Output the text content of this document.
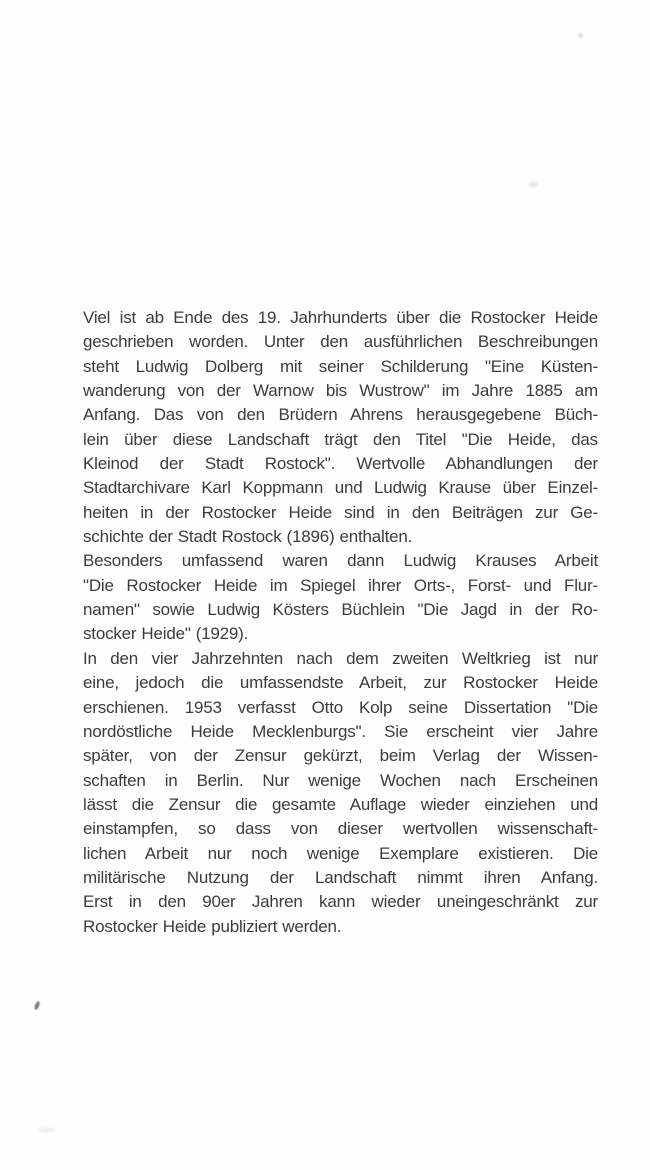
Viel ist ab Ende des 19. Jahrhunderts über die Rostocker Heide
geschrieben worden. Unter den ausführlichen Beschreibungen
steht Ludwig Dolberg mit seiner Schilderung "Eine Küsten-
wanderung von der Warnow bis Wustrow" im Jahre 1885 am
Anfang. Das von den Brüdern Ahrens herausgegebene Büch-
lein über diese Landschaft trägt den Titel "Die Heide, das
Kleinod der Stadt Rostock". Wertvolle Abhandlungen der
Stadtarchivare Karl Koppmann und Ludwig Krause über Einzel-
heiten in der Rostocker Heide sind in den Beiträgen zur Ge-
schichte der Stadt Rostock (1896) enthalten.
Besonders umfassend waren dann Ludwig Krauses Arbeit
"Die Rostocker Heide im Spiegel ihrer Orts-, Forst- und Flur-
namen" sowie Ludwig Kösters Büchlein "Die Jagd in der Ro-
stocker Heide" (1929).
In den vier Jahrzehnten nach dem zweiten Weltkrieg ist nur
eine, jedoch die umfassendste Arbeit, zur Rostocker Heide
erschienen. 1953 verfasst Otto Kolp seine Dissertation "Die
nordöstliche Heide Mecklenburgs". Sie erscheint vier Jahre
später, von der Zensur gekürzt, beim Verlag der Wissen-
schaften in Berlin. Nur wenige Wochen nach Erscheinen
lässt die Zensur die gesamte Auflage wieder einziehen und
einstampfen, so dass von dieser wertvollen wissenschaft-
lichen Arbeit nur noch wenige Exemplare existieren. Die
militärische Nutzung der Landschaft nimmt ihren Anfang.
Erst in den 90er Jahren kann wieder uneingeschränkt zur
Rostocker Heide publiziert werden.
